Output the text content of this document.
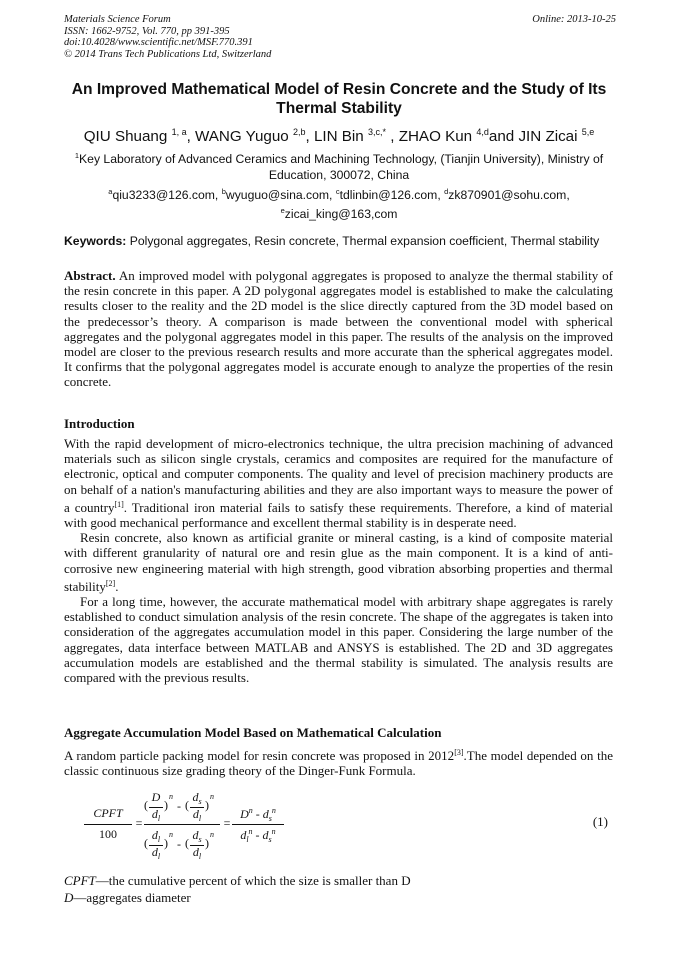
Materials Science Forum
ISSN: 1662-9752, Vol. 770, pp 391-395
doi:10.4028/www.scientific.net/MSF.770.391
© 2014 Trans Tech Publications Ltd, Switzerland
Online: 2013-10-25
An Improved Mathematical Model of Resin Concrete and the Study of Its Thermal Stability
QIU Shuang $^{1, a}$, WANG Yuguo $^{2,b}$, LIN Bin $^{3,c,*}$ , ZHAO Kun $^{4,d}$and JIN Zicai $^{5,e}$
$^1$Key Laboratory of Advanced Ceramics and Machining Technology, (Tianjin University), Ministry of Education, 300072, China
$^a$qiu3233@126.com, $^b$wyuguo@sina.com, $^c$tdlinbin@126.com, $^d$zk870901@sohu.com,
$^e$zicai_king@163,com
Keywords: Polygonal aggregates, Resin concrete, Thermal expansion coefficient, Thermal stability
Abstract. An improved model with polygonal aggregates is proposed to analyze the thermal stability of the resin concrete in this paper. A 2D polygonal aggregates model is established to make the calculating results closer to the reality and the 2D model is the slice directly captured from the 3D model based on the predecessor’s theory. A comparison is made between the conventional model with spherical aggregates and the polygonal aggregates model in this paper. The results of the analysis on the improved model are closer to the previous research results and more accurate than the spherical aggregates model. It confirms that the polygonal aggregates model is accurate enough to analyze the properties of the resin concrete.
Introduction
With the rapid development of micro-electronics technique, the ultra precision machining of advanced materials such as silicon single crystals, ceramics and composites are required for the manufacture of electronic, optical and computer components. The quality and level of precision machinery products are on behalf of a nation's manufacturing abilities and they are also important ways to measure the power of a country[1]. Traditional iron material fails to satisfy these requirements. Therefore, a kind of material with good mechanical performance and excellent thermal stability is in desperate need.
Resin concrete, also known as artificial granite or mineral casting, is a kind of composite material with different granularity of natural ore and resin glue as the main component. It is a kind of anti-corrosive new engineering material with high strength, good vibration absorbing properties and thermal stability[2].
For a long time, however, the accurate mathematical model with arbitrary shape aggregates is rarely established to conduct simulation analysis of the resin concrete. The shape of the aggregates is taken into consideration of the aggregates accumulation model in this paper. Considering the large number of the aggregates, data interface between MATLAB and ANSYS is established. The 2D and 3D aggregates accumulation models are established and the thermal stability is simulated. The analysis results are compared with the previous results.
Aggregate Accumulation Model Based on Mathematical Calculation
A random particle packing model for resin concrete was proposed in 2012[3].The model depended on the classic continuous size grading theory of the Dinger-Funk Formula.
CPFT
100
=
(
D
$d_l$
)
n
- (
$d_s$
$d_l$
)
n
(
$d_l$
$d_l$
)
n
- (
$d_s$
$d_l$
)
n
=
$D^n - d_s^n$
$d_l^n - d_s^n$
(1)
CPFT—the cumulative percent of which the size is smaller than D
D—aggregates diameter
